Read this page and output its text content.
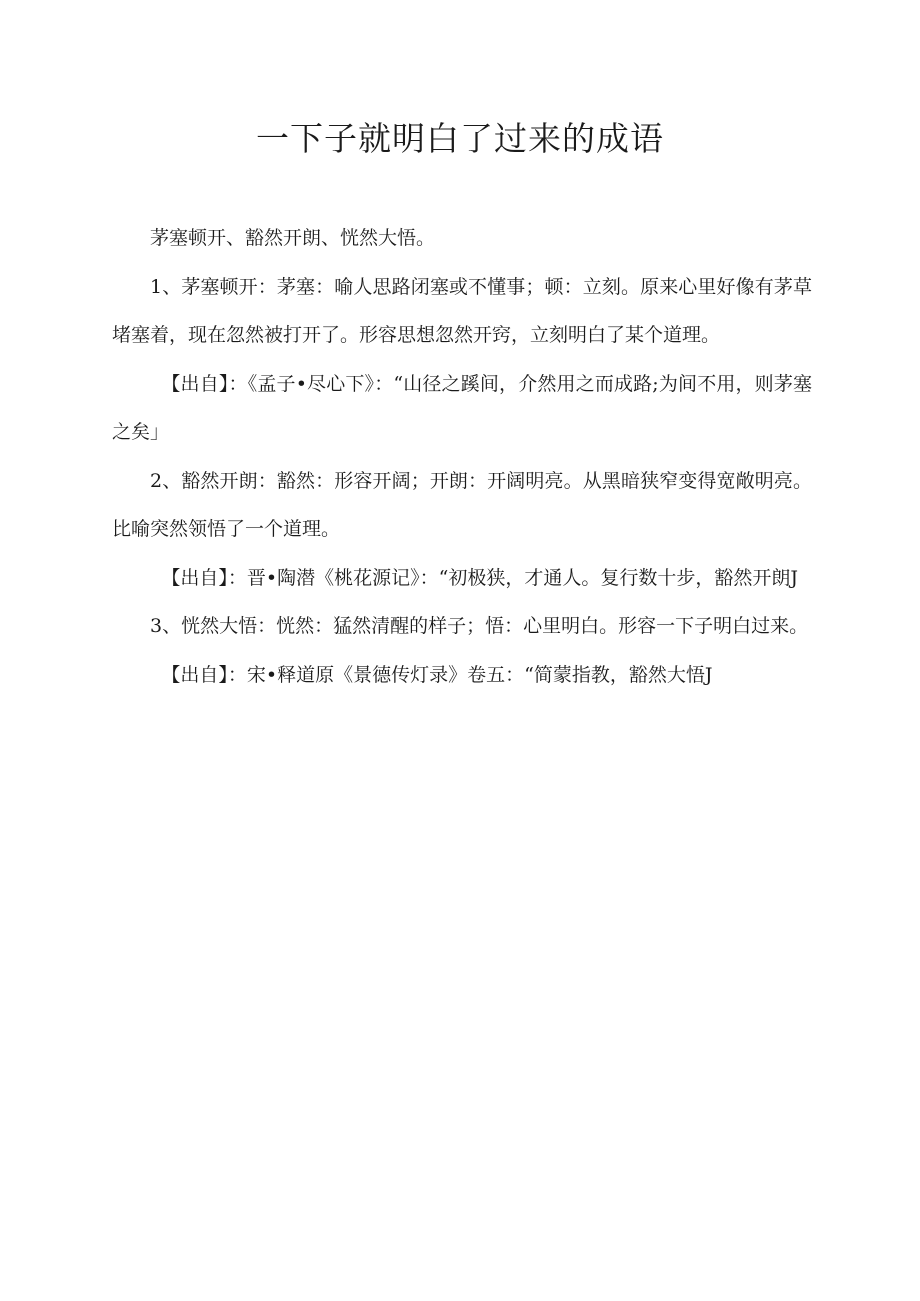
一下子就明白了过来的成语

茅塞顿开、豁然开朗、恍然大悟。

1、茅塞顿开：茅塞：喻人思路闭塞或不懂事；顿：立刻。原来心里好像有茅草堵塞着，现在忽然被打开了。形容思想忽然开窍，立刻明白了某个道理。

【出自】：《孟子•尽心下》：“山径之蹊间，介然用之而成路;为间不用，则茅塞之矣」

2、豁然开朗：豁然：形容开阔；开朗：开阔明亮。从黑暗狭窄变得宽敞明亮。比喻突然领悟了一个道理。

【出自】：晋•陶潜《桃花源记》：“初极狭，才通人。复行数十步，豁然开朗J

3、恍然大悟：恍然：猛然清醒的样子；悟：心里明白。形容一下子明白过来。

【出自】：宋•释道原《景德传灯录》卷五：“简蒙指教，豁然大悟J
